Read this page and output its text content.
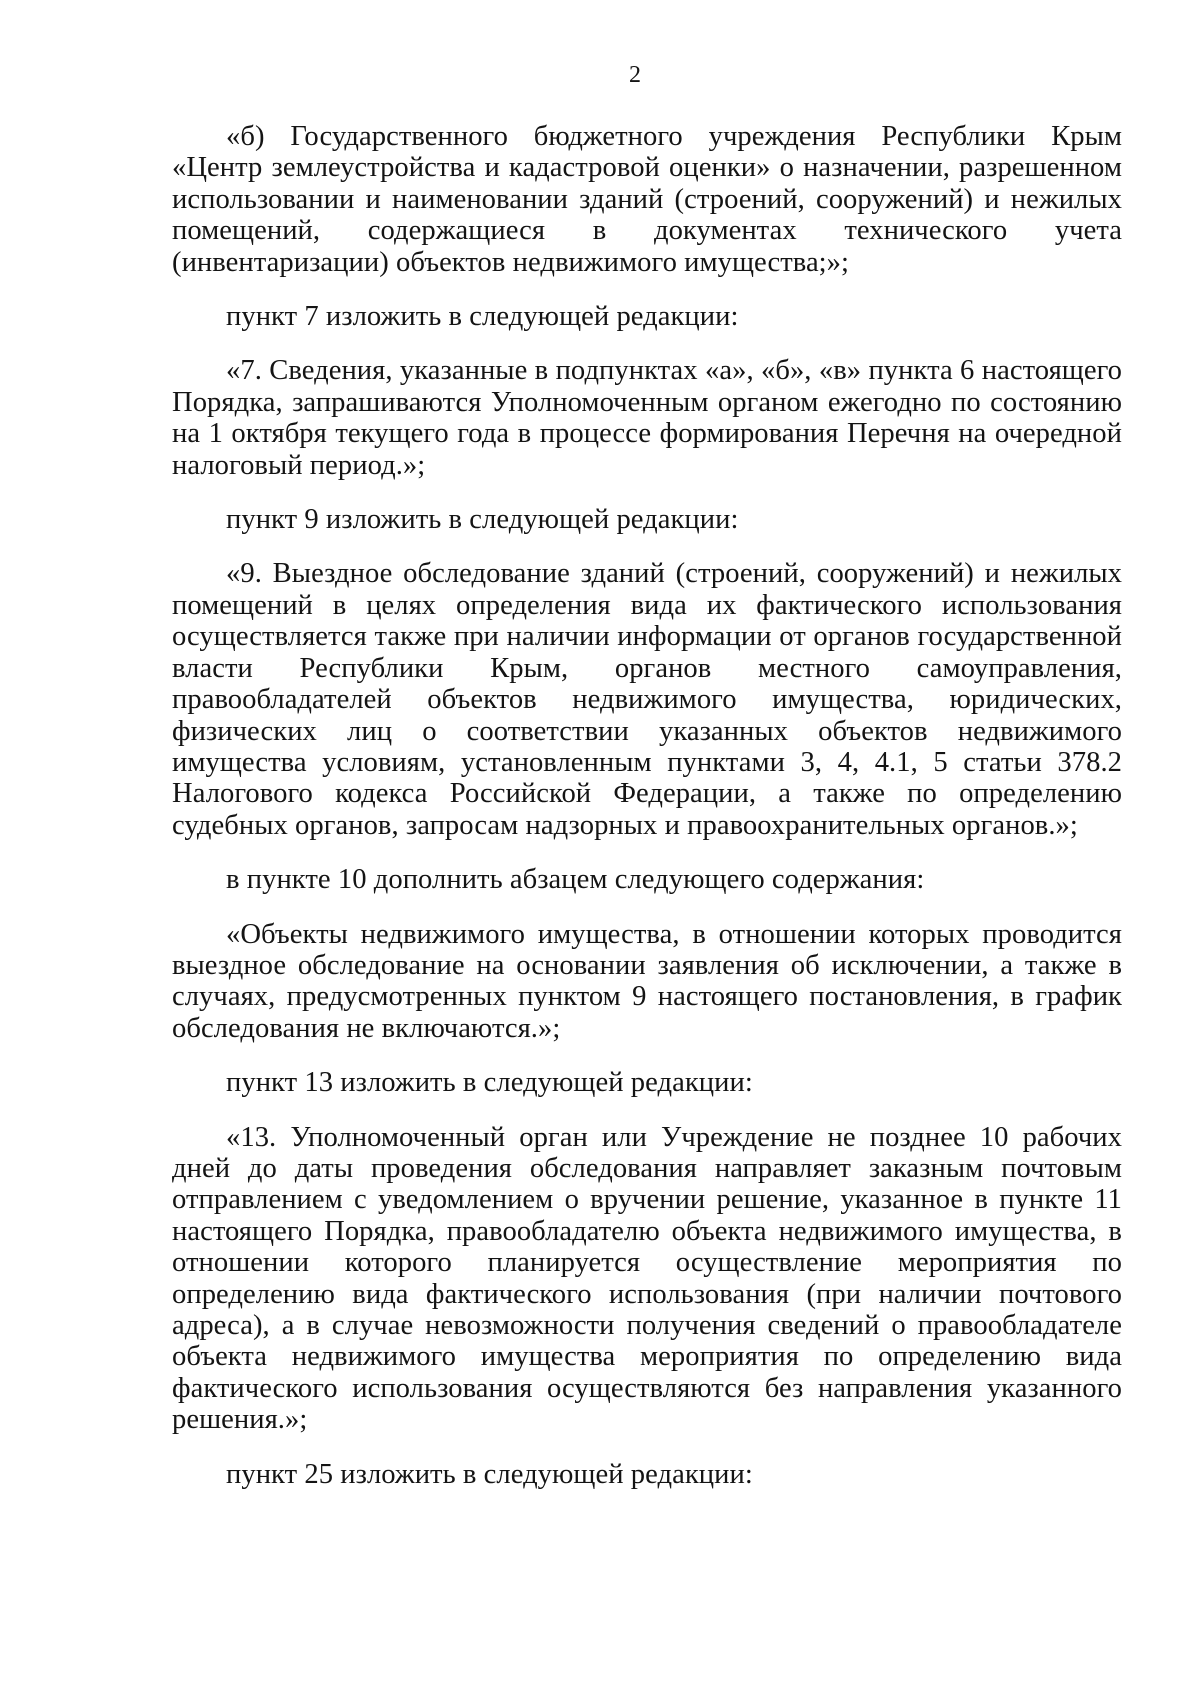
2

«б) Государственного бюджетного учреждения Республики Крым «Центр землеустройства и кадастровой оценки» о назначении, разрешенном использовании и наименовании зданий (строений, сооружений) и нежилых помещений, содержащиеся в документах технического учета (инвентаризации) объектов недвижимого имущества;»;

пункт 7 изложить в следующей редакции:

«7. Сведения, указанные в подпунктах «а», «б», «в» пункта 6 настоящего Порядка, запрашиваются Уполномоченным органом ежегодно по состоянию на 1 октября текущего года в процессе формирования Перечня на очередной налоговый период.»;

пункт 9 изложить в следующей редакции:

«9. Выездное обследование зданий (строений, сооружений) и нежилых помещений в целях определения вида их фактического использования осуществляется также при наличии информации от органов государственной власти Республики Крым, органов местного самоуправления, правообладателей объектов недвижимого имущества, юридических, физических лиц о соответствии указанных объектов недвижимого имущества условиям, установленным пунктами 3, 4, 4.1, 5 статьи 378.2 Налогового кодекса Российской Федерации, а также по определению судебных органов, запросам надзорных и правоохранительных органов.»;

в пункте 10 дополнить абзацем следующего содержания:

«Объекты недвижимого имущества, в отношении которых проводится выездное обследование на основании заявления об исключении, а также в случаях, предусмотренных пунктом 9 настоящего постановления, в график обследования не включаются.»;

пункт 13 изложить в следующей редакции:

«13. Уполномоченный орган или Учреждение не позднее 10 рабочих дней до даты проведения обследования направляет заказным почтовым отправлением с уведомлением о вручении решение, указанное в пункте 11 настоящего Порядка, правообладателю объекта недвижимого имущества, в отношении которого планируется осуществление мероприятия по определению вида фактического использования (при наличии почтового адреса), а в случае невозможности получения сведений о правообладателе объекта недвижимого имущества мероприятия по определению вида фактического использования осуществляются без направления указанного решения.»;

пункт 25 изложить в следующей редакции:
